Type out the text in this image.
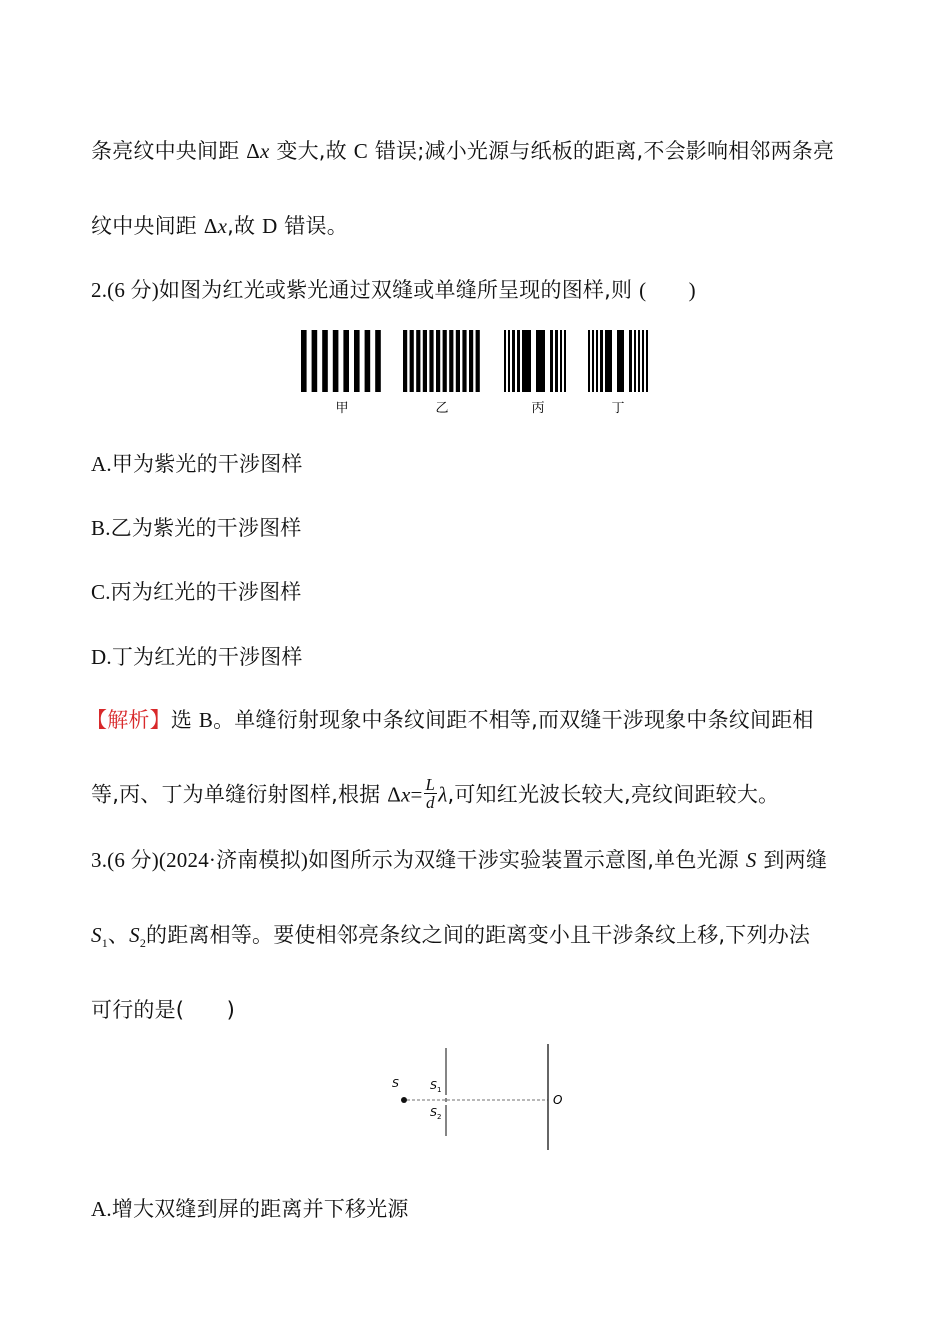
条亮纹中央间距 Δx 变大,故 C 错误;减小光源与纸板的距离,不会影响相邻两条亮
纹中央间距 Δx,故 D 错误。
2.(6 分)如图为红光或紫光通过双缝或单缝所呈现的图样,则 (　　)
甲	乙	丙	丁
A.甲为紫光的干涉图样
B.乙为紫光的干涉图样
C.丙为红光的干涉图样
D.丁为红光的干涉图样
【解析】选 B。单缝衍射现象中条纹间距不相等,而双缝干涉现象中条纹间距相
等,丙、丁为单缝衍射图样,根据 $\Delta x= \frac{L}{d} \lambda$,可知红光波长较大,亮纹间距较大。
3.(6 分)(2024·济南模拟)如图所示为双缝干涉实验装置示意图,单色光源 S 到两缝
$S_1$、$S_2$的距离相等。要使相邻亮条纹之间的距离变小且干涉条纹上移,下列办法
可行的是(　　)
S	S 1
S 2
O
A.增大双缝到屏的距离并下移光源
